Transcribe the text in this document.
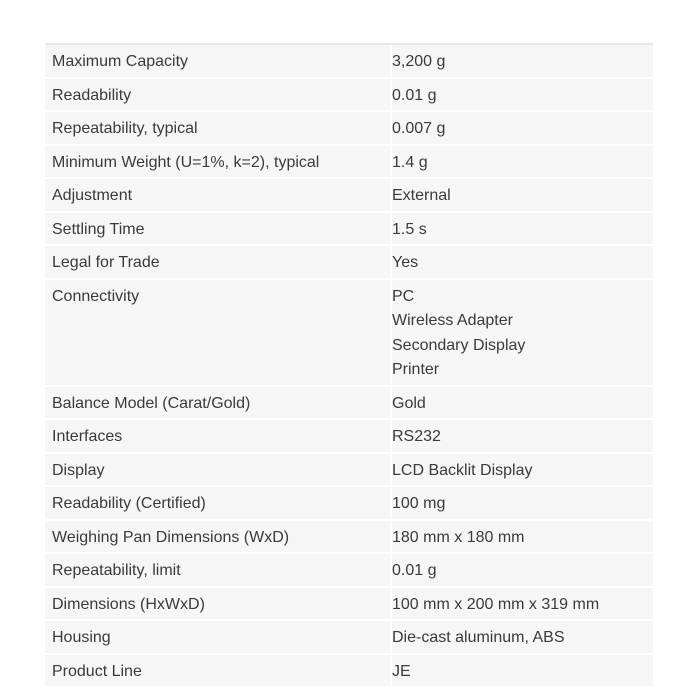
Maximum Capacity	3,200 g
Readability	0.01 g
Repeatability, typical	0.007 g
Minimum Weight (U=1%, k=2), typical	1.4 g
Adjustment	External
Settling Time	1.5 s
Legal for Trade	Yes
Connectivity	PC
Wireless Adapter
Secondary Display
Printer
Balance Model (Carat/Gold)	Gold
Interfaces	RS232
Display	LCD Backlit Display
Readability (Certified)	100 mg
Weighing Pan Dimensions (WxD)	180 mm x 180 mm
Repeatability, limit	0.01 g
Dimensions (HxWxD)	100 mm x 200 mm x 319 mm
Housing	Die-cast aluminum, ABS
Product Line	JE
